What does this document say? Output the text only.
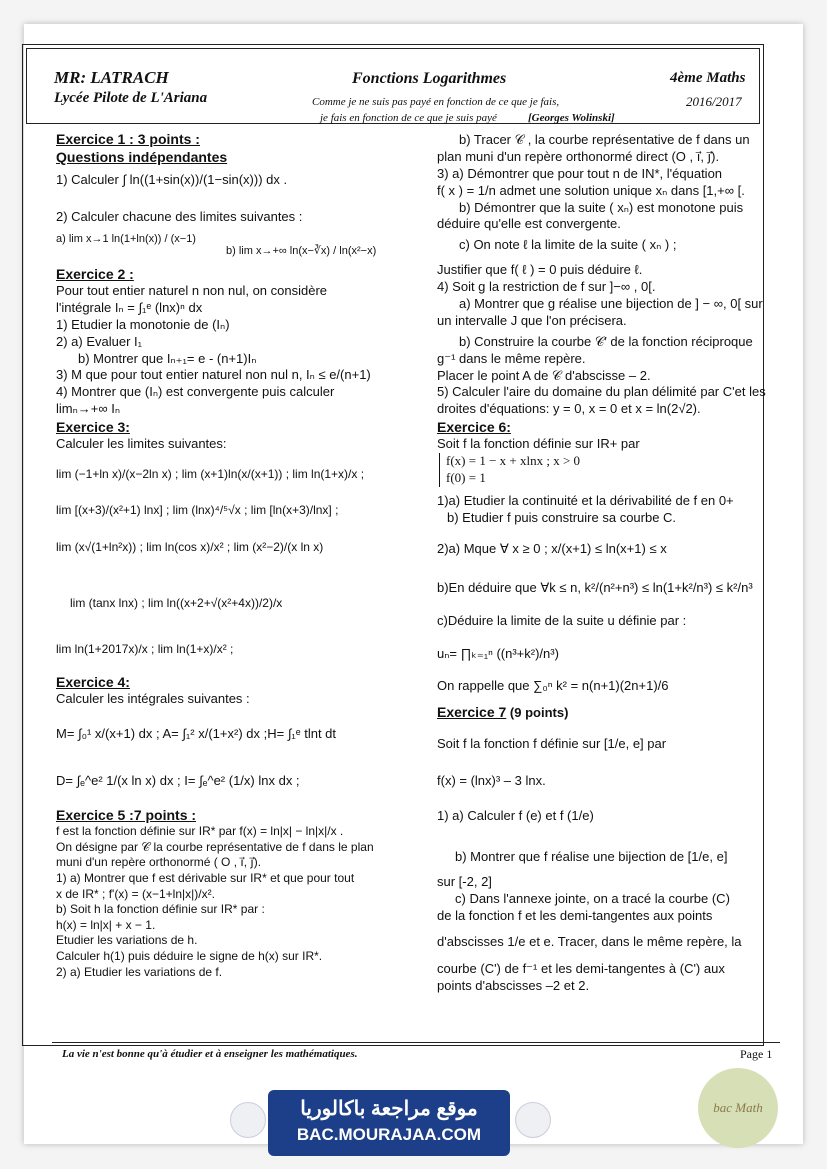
MR: LATRACH
Lycée Pilote de L'Ariana
Fonctions Logarithmes	4ème Maths
2016/2017
Comme je ne suis pas payé en fonction de ce que je fais,
je fais en fonction de ce que je suis payé	[Georges Wolinski]

Exercice 1 : 3 points :

Questions indépendantes

1) Calculer ∫ ln((1+sin(x))/(1−sin(x))) dx .

2) Calculer chacune des limites suivantes :

a) lim x→1 ln(1+ln(x)) / (x−1)

b) lim x→+∞ ln(x−∛x) / ln(x²−x)

Exercice 2 :

Pour tout entier naturel n non nul, on considère

l'intégrale Iₙ = ∫₁ᵉ (lnx)ⁿ dx

1) Etudier la monotonie de (Iₙ)

2) a) Evaluer I₁

b) Montrer que Iₙ₊₁= e - (n+1)Iₙ

3) M que pour tout entier naturel non nul n, Iₙ ≤ e/(n+1)

4) Montrer que (Iₙ) est convergente puis calculer

limₙ→+∞ Iₙ

Exercice 3:

Calculer les limites suivantes:

lim (−1+ln x)/(x−2ln x) ; lim (x+1)ln(x/(x+1)) ; lim ln(1+x)/x ;

lim [(x+3)/(x²+1) lnx] ; lim (lnx)⁴/⁵√x ; lim [ln(x+3)/lnx] ;

lim (x√(1+ln²x)) ; lim ln(cos x)/x² ; lim (x²−2)/(x ln x)

lim (tanx lnx) ; lim ln((x+2+√(x²+4x))/2)/x

lim ln(1+2017x)/x ; lim ln(1+x)/x² ;

Exercice 4:

Calculer les intégrales suivantes :

M= ∫₀¹ x/(x+1) dx ; A= ∫₁² x/(1+x²) dx ;H= ∫₁ᵉ tlnt dt

D= ∫ₑ^e² 1/(x ln x) dx ; I= ∫ₑ^e² (1/x) lnx dx ;

Exercice 5 :7 points :

f est la fonction définie sur IR* par f(x) = ln|x| − ln|x|/x .

On désigne par 𝒞 la courbe représentative de f dans le plan

muni d'un repère orthonormé ( O , i⃗, j⃗).

1) a) Montrer que f est dérivable sur IR* et que pour tout

x de IR* ; f'(x) = (x−1+ln|x|)/x².

b) Soit h la fonction définie sur IR* par :

h(x) = ln|x| + x − 1.

Etudier les variations de h.

Calculer h(1) puis déduire le signe de h(x) sur IR*.

2) a) Etudier les variations de f.

b) Tracer 𝒞 , la courbe représentative de f dans un

plan muni d'un repère orthonormé direct (O , i⃗, j⃗).

3) a) Démontrer que pour tout n de IN*, l'équation

f( x ) = 1/n admet une solution unique xₙ dans [1,+∞ [.

b) Démontrer que la suite ( xₙ) est monotone puis

déduire qu'elle est convergente.

c) On note ℓ la limite de la suite ( xₙ ) ;

Justifier que f( ℓ ) = 0 puis déduire ℓ.

4) Soit g la restriction de f sur ]−∞ , 0[.

a) Montrer que g réalise une bijection de ] − ∞, 0[ sur

un intervalle J que l'on précisera.

b) Construire la courbe 𝒞′ de la fonction réciproque

g⁻¹ dans le même repère.

Placer le point A de 𝒞 d'abscisse – 2.

5) Calculer l'aire du domaine du plan délimité par C'et les

droites d'équations: y = 0, x = 0 et x = ln(2√2).

Exercice 6:

Soit f la fonction définie sur IR+ par

f(x) = 1 − x + xlnx ; x > 0

f(0) = 1

1)a) Etudier la continuité et la dérivabilité de f en 0+

b) Etudier f puis construire sa courbe C.

2)a) Mque ∀ x ≥ 0 ; x/(x+1) ≤ ln(x+1) ≤ x

b)En déduire que ∀k ≤ n, k²/(n²+n³) ≤ ln(1+k²/n³) ≤ k²/n³

c)Déduire la limite de la suite u définie par :

uₙ= ∏ₖ₌₁ⁿ ((n³+k²)/n³)

On rappelle que ∑₀ⁿ k² = n(n+1)(2n+1)/6

Exercice 7 (9 points)

Soit f la fonction f définie sur [1/e, e] par

f(x) = (lnx)³ – 3 lnx.

1) a) Calculer f (e) et f (1/e)

b) Montrer que f réalise une bijection de [1/e, e]

sur [-2, 2]

c) Dans l'annexe jointe, on a tracé la courbe (C)

de la fonction f et les demi-tangentes aux points

d'abscisses 1/e et e. Tracer, dans le même repère, la

courbe (C') de f⁻¹ et les demi-tangentes à (C') aux

points d'abscisses –2 et 2.

La vie n'est bonne qu'à étudier et à enseigner les mathématiques.	Page 1
موقع مراجعة باكالوريا
BAC.MOURAJAA.COM
bac Math
